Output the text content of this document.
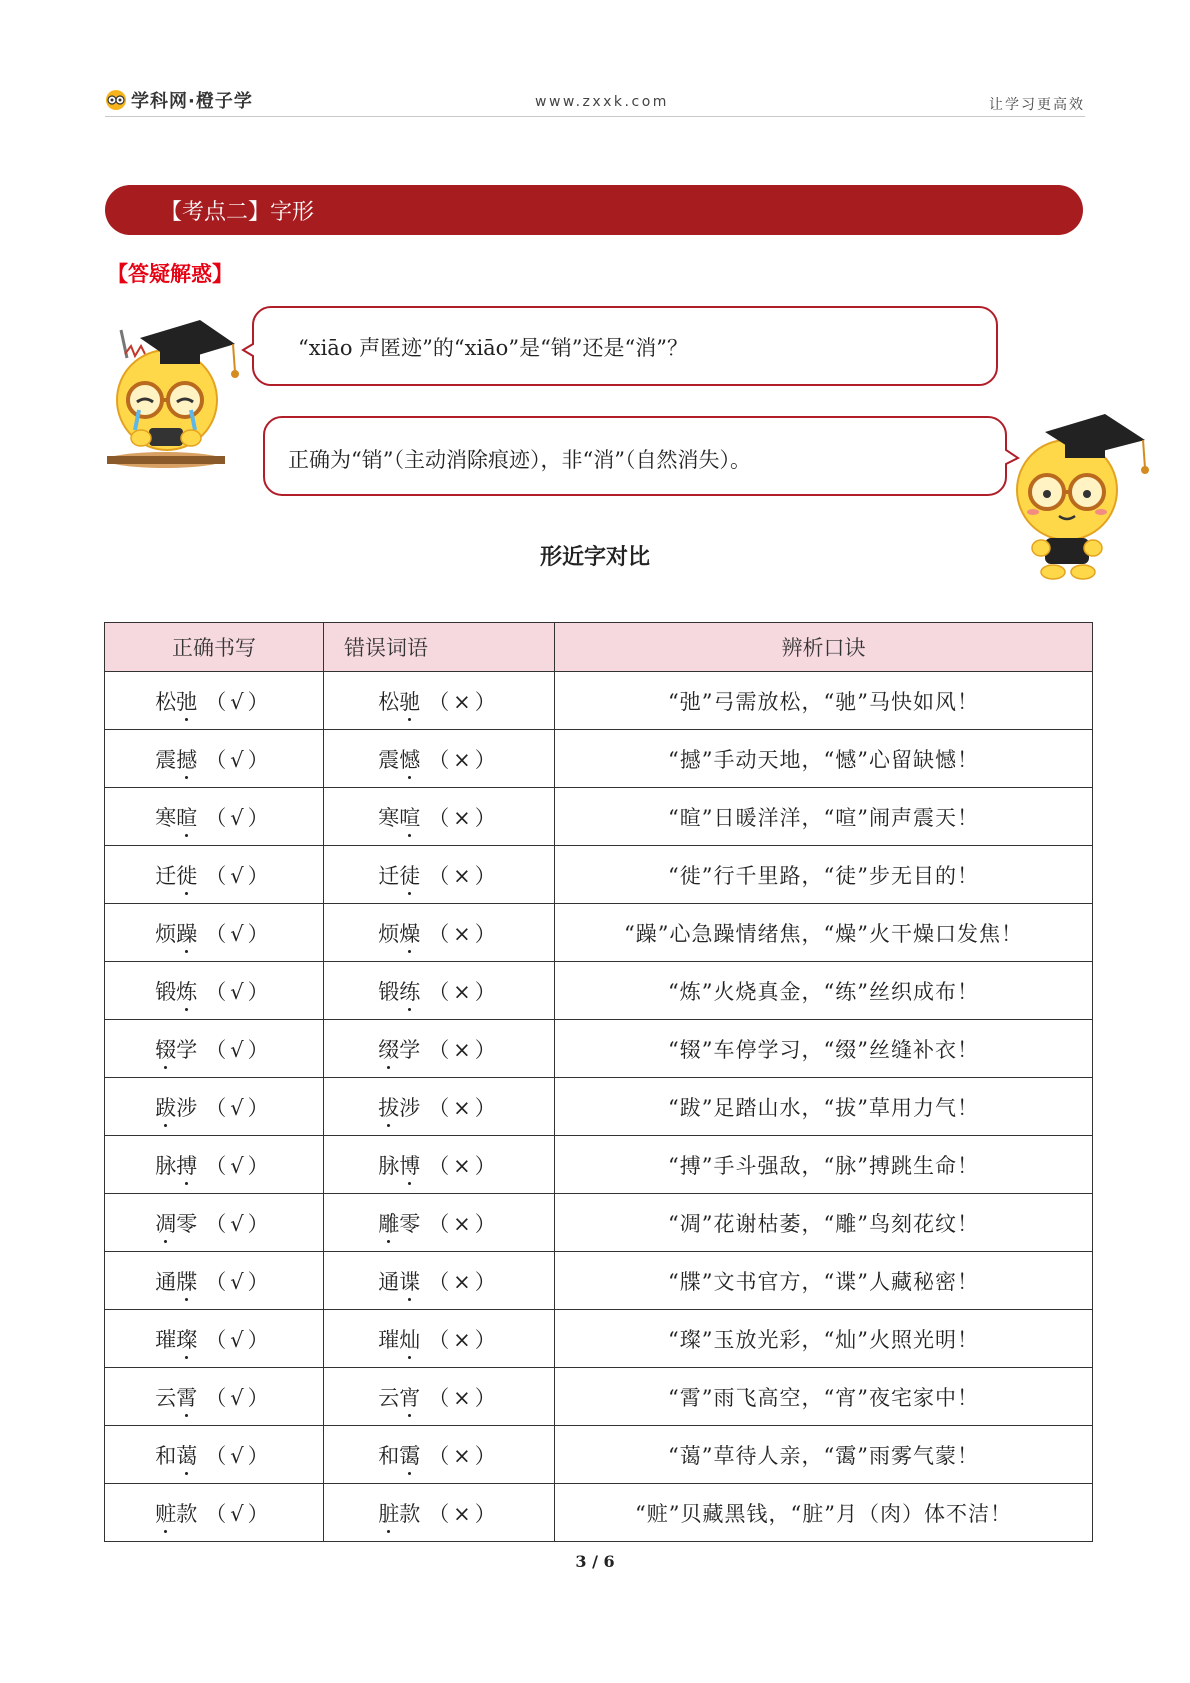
学科网·橙子学	www.zxxk.com	让学习更高效
【考点二】字形
【答疑解惑】
“xiāo 声匿迹”的“xiāo”是“销”还是“消”？
正确为“销”（主动消除痕迹），非“消”（自然消失）。
形近字对比
正确书写	错误词语	辨析口诀
松弛 （√）	松驰 （×）	“弛”弓需放松，“驰”马快如风！
震撼 （√）	震憾 （×）	“撼”手动天地，“憾”心留缺憾！
寒暄 （√）	寒喧 （×）	“暄”日暖洋洋，“喧”闹声震天！
迁徙 （√）	迁徒 （×）	“徙”行千里路，“徒”步无目的！
烦躁 （√）	烦燥 （×）	“躁”心急躁情绪焦，“燥”火干燥口发焦！
锻炼 （√）	锻练 （×）	“炼”火烧真金，“练”丝织成布！
辍学 （√）	缀学 （×）	“辍”车停学习，“缀”丝缝补衣！
跋涉 （√）	拔涉 （×）	“跋”足踏山水，“拔”草用力气！
脉搏 （√）	脉博 （×）	“搏”手斗强敌，“脉”搏跳生命！
凋零 （√）	雕零 （×）	“凋”花谢枯萎，“雕”鸟刻花纹！
通牒 （√）	通谍 （×）	“牒”文书官方，“谍”人藏秘密！
璀璨 （√）	璀灿 （×）	“璨”玉放光彩，“灿”火照光明！
云霄 （√）	云宵 （×）	“霄”雨飞高空，“宵”夜宅家中！
和蔼 （√）	和霭 （×）	“蔼”草待人亲，“霭”雨雾气蒙！
赃款 （√）	脏款 （×）	“赃”贝藏黑钱，“脏”月（肉）体不洁！
3 / 6
